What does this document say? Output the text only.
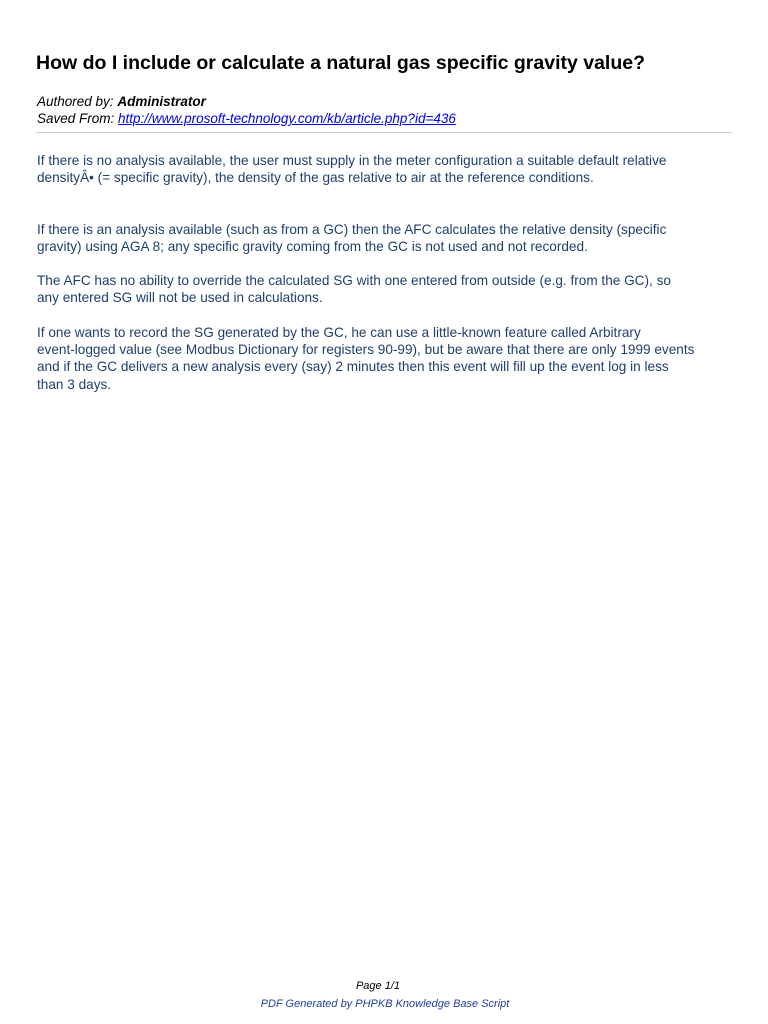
How do I include or calculate a natural gas specific gravity value?
Authored by: Administrator
Saved From: http://www.prosoft-technology.com/kb/article.php?id=436

If there is no analysis available, the user must supply in the meter configuration a suitable default relative
densityÂ• (= specific gravity), the density of the gas relative to air at the reference conditions.

If there is an analysis available (such as from a GC) then the AFC calculates the relative density (specific
gravity) using AGA 8; any specific gravity coming from the GC is not used and not recorded.

The AFC has no ability to override the calculated SG with one entered from outside (e.g. from the GC), so
any entered SG will not be used in calculations.

If one wants to record the SG generated by the GC, he can use a little-known feature called Arbitrary
event-logged value (see Modbus Dictionary for registers 90-99), but be aware that there are only 1999 events
and if the GC delivers a new analysis every (say) 2 minutes then this event will fill up the event log in less
than 3 days.

Page 1/1
PDF Generated by PHPKB Knowledge Base Script
